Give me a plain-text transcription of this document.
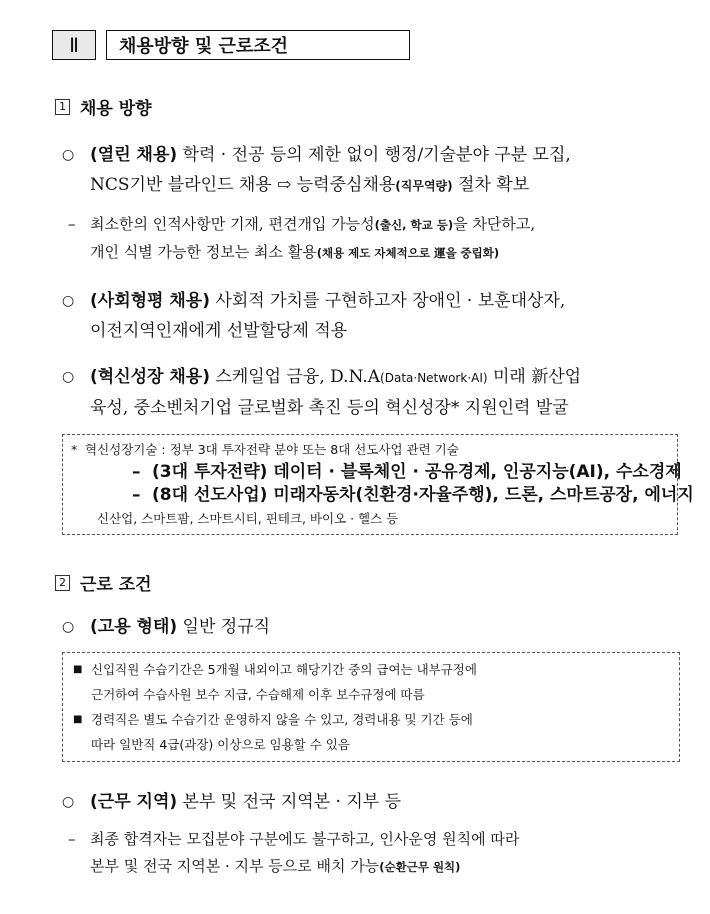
Ⅱ	채용방향 및 근로조건
1 채용 방향
○ (열린 채용) 학력 · 전공 등의 제한 없이 행정/기술분야 구분 모집,
NCS기반 블라인드 채용 ⇨ 능력중심채용(직무역량) 절차 확보
– 최소한의 인적사항만 기재, 편견개입 가능성(출신, 학교 등)을 차단하고,
개인 식별 가능한 정보는 최소 활용(채용 제도 자체적으로 運을 중립화)
○ (사회형평 채용) 사회적 가치를 구현하고자 장애인 · 보훈대상자,
이전지역인재에게 선발할당제 적용
○ (혁신성장 채용) 스케일업 금융, D.N.A(Data·Network·AI) 미래 新산업
육성, 중소벤처기업 글로벌화 촉진 등의 혁신성장* 지원인력 발굴
* 혁신성장기술 : 정부 3대 투자전략 분야 또는 8대 선도사업 관련 기술
– (3대 투자전략) 데이터 · 블록체인 · 공유경제, 인공지능(AI), 수소경제
– (8대 선도사업) 미래자동차(친환경·자율주행), 드론, 스마트공장, 에너지
신산업, 스마트팜, 스마트시티, 핀테크, 바이오 · 헬스 등
2 근로 조건
○ (고용 형태) 일반 정규직
■ 신입직원 수습기간은 5개월 내외이고 해당기간 중의 급여는 내부규정에
근거하여 수습사원 보수 지급, 수습해제 이후 보수규정에 따름
■ 경력직은 별도 수습기간 운영하지 않을 수 있고, 경력내용 및 기간 등에
따라 일반직 4급(과장) 이상으로 임용할 수 있음
○ (근무 지역) 본부 및 전국 지역본 · 지부 등
– 최종 합격자는 모집분야 구분에도 불구하고, 인사운영 원칙에 따라
본부 및 전국 지역본 · 지부 등으로 배치 가능(순환근무 원칙)
